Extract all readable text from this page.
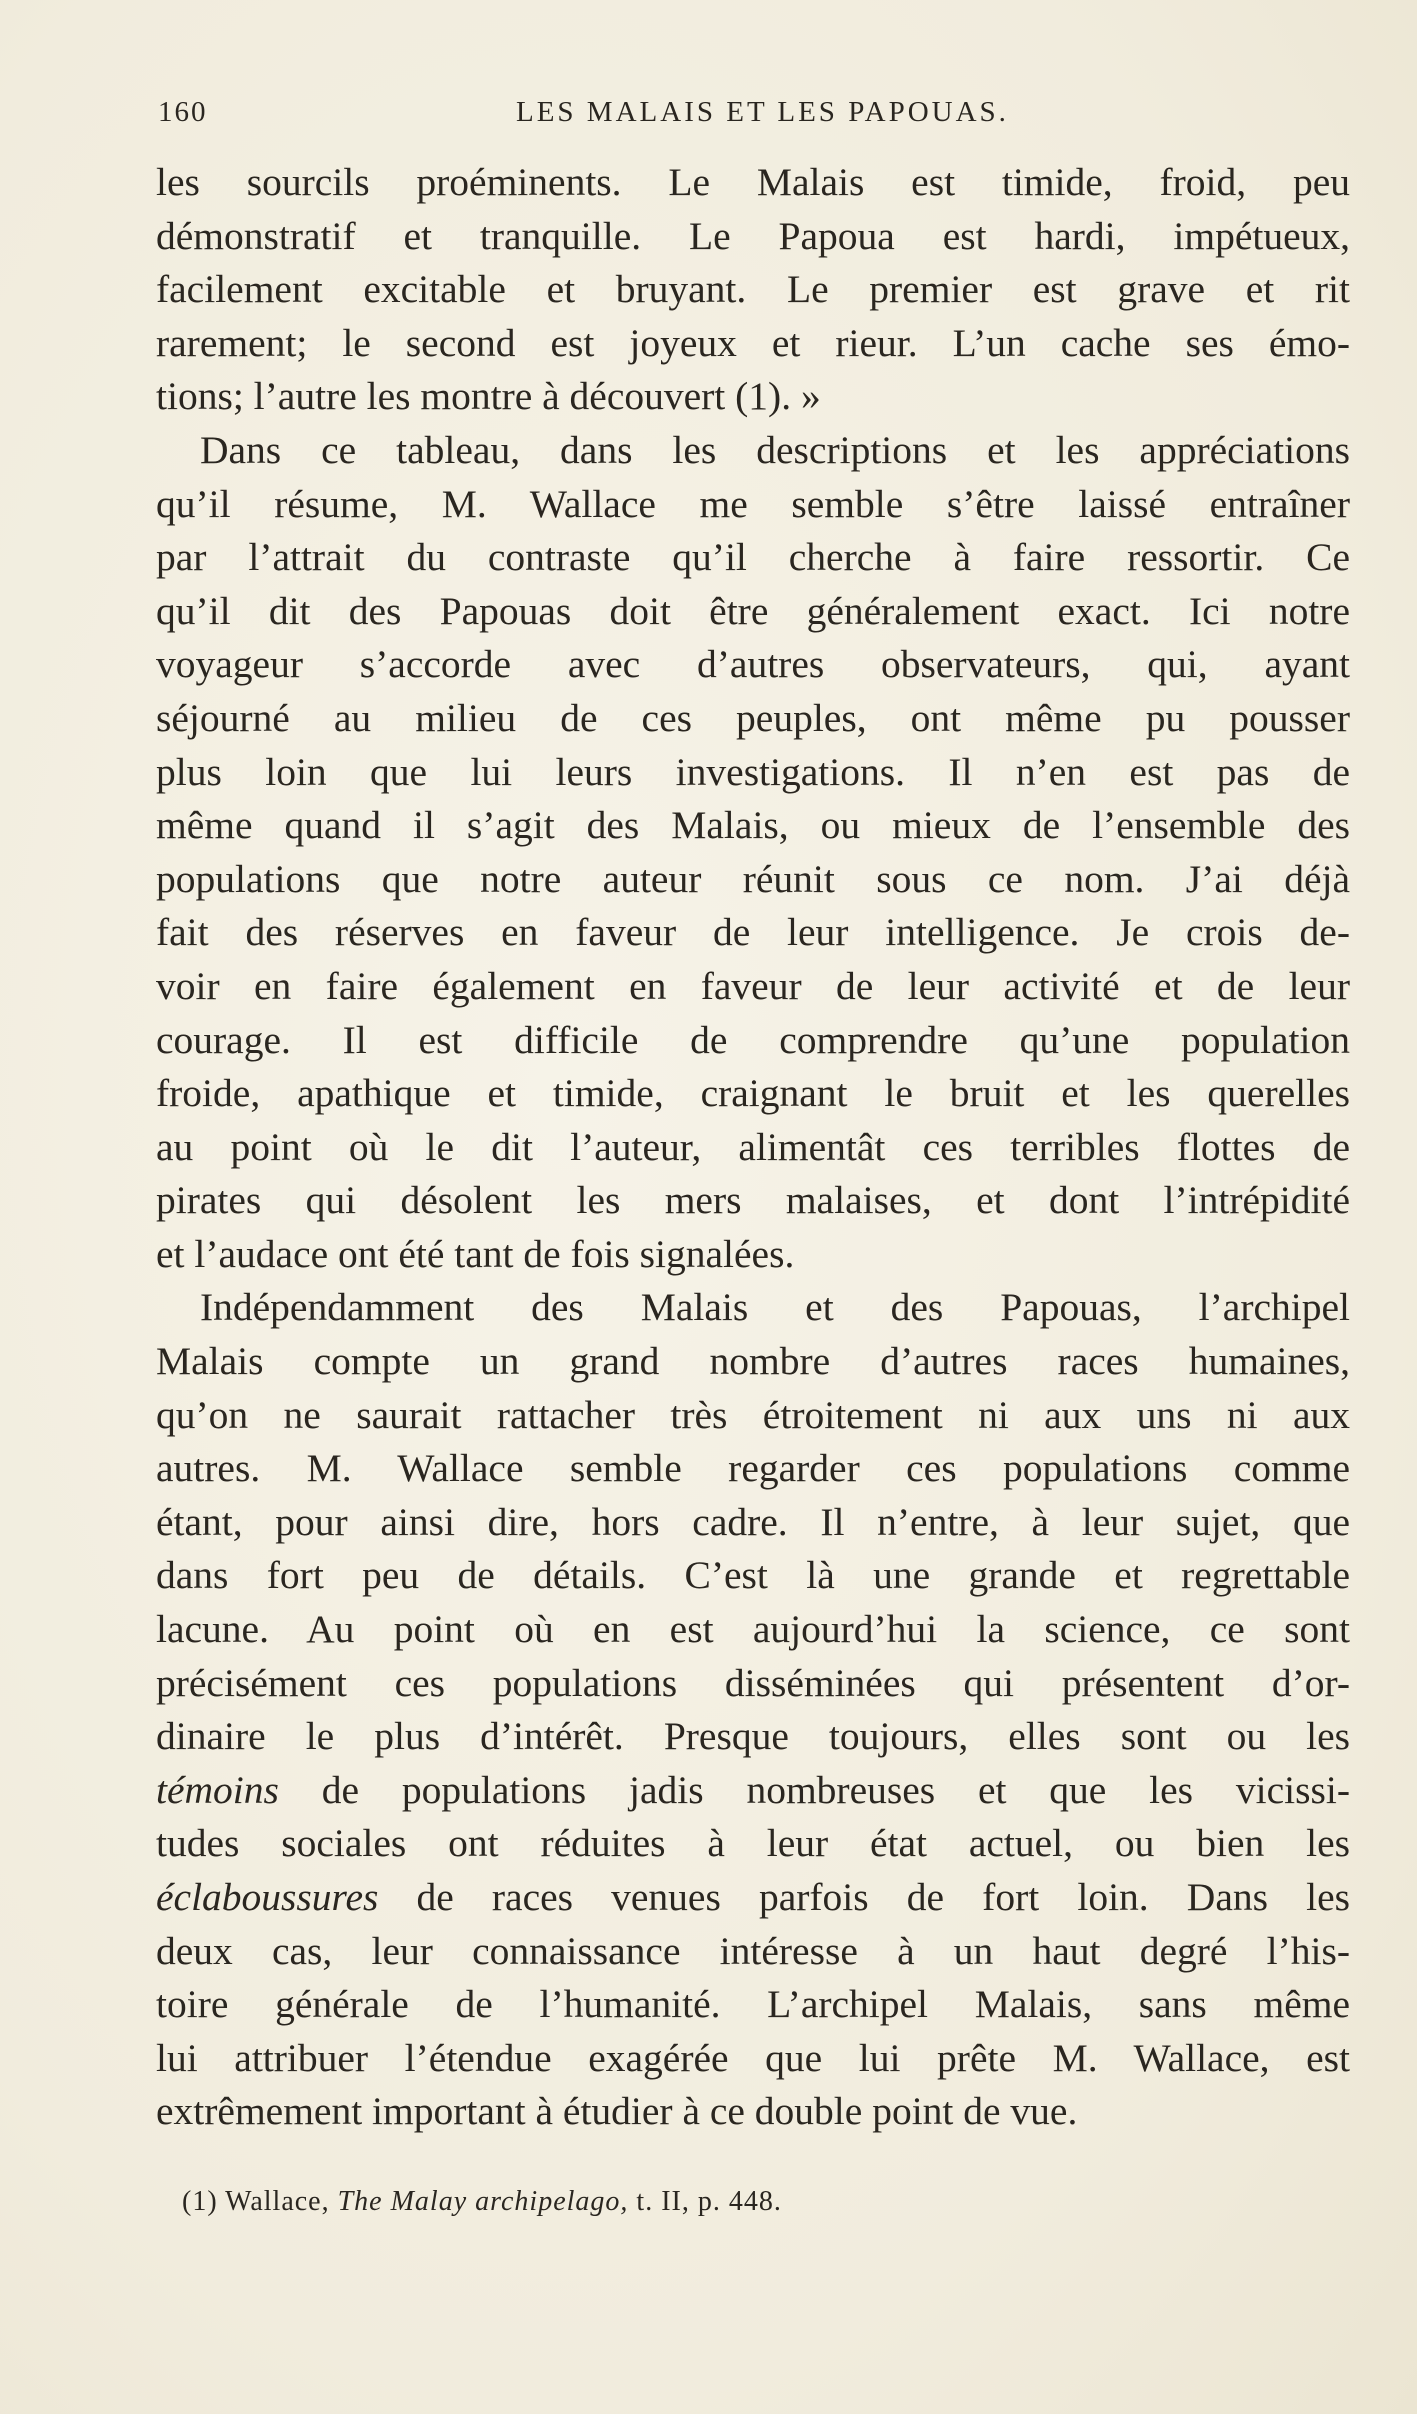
160	LES MALAIS ET LES PAPOUAS.
les sourcils proéminents. Le Malais est timide, froid, peu
démonstratif et tranquille. Le Papoua est hardi, impétueux,
facilement excitable et bruyant. Le premier est grave et rit
rarement; le second est joyeux et rieur. L’un cache ses émo-
tions; l’autre les montre à découvert (1). »
Dans ce tableau, dans les descriptions et les appréciations
qu’il résume, M. Wallace me semble s’être laissé entraîner
par l’attrait du contraste qu’il cherche à faire ressortir. Ce
qu’il dit des Papouas doit être généralement exact. Ici notre
voyageur s’accorde avec d’autres observateurs, qui, ayant
séjourné au milieu de ces peuples, ont même pu pousser
plus loin que lui leurs investigations. Il n’en est pas de
même quand il s’agit des Malais, ou mieux de l’ensemble des
populations que notre auteur réunit sous ce nom. J’ai déjà
fait des réserves en faveur de leur intelligence. Je crois de-
voir en faire également en faveur de leur activité et de leur
courage. Il est difficile de comprendre qu’une population
froide, apathique et timide, craignant le bruit et les querelles
au point où le dit l’auteur, alimentât ces terribles flottes de
pirates qui désolent les mers malaises, et dont l’intrépidité
et l’audace ont été tant de fois signalées.
Indépendamment des Malais et des Papouas, l’archipel
Malais compte un grand nombre d’autres races humaines,
qu’on ne saurait rattacher très étroitement ni aux uns ni aux
autres. M. Wallace semble regarder ces populations comme
étant, pour ainsi dire, hors cadre. Il n’entre, à leur sujet, que
dans fort peu de détails. C’est là une grande et regrettable
lacune. Au point où en est aujourd’hui la science, ce sont
précisément ces populations disséminées qui présentent d’or-
dinaire le plus d’intérêt. Presque toujours, elles sont ou les
témoins de populations jadis nombreuses et que les vicissi-
tudes sociales ont réduites à leur état actuel, ou bien les
éclaboussures de races venues parfois de fort loin. Dans les
deux cas, leur connaissance intéresse à un haut degré l’his-
toire générale de l’humanité. L’archipel Malais, sans même
lui attribuer l’étendue exagérée que lui prête M. Wallace, est
extrêmement important à étudier à ce double point de vue.
(1) Wallace, The Malay archipelago, t. II, p. 448.
